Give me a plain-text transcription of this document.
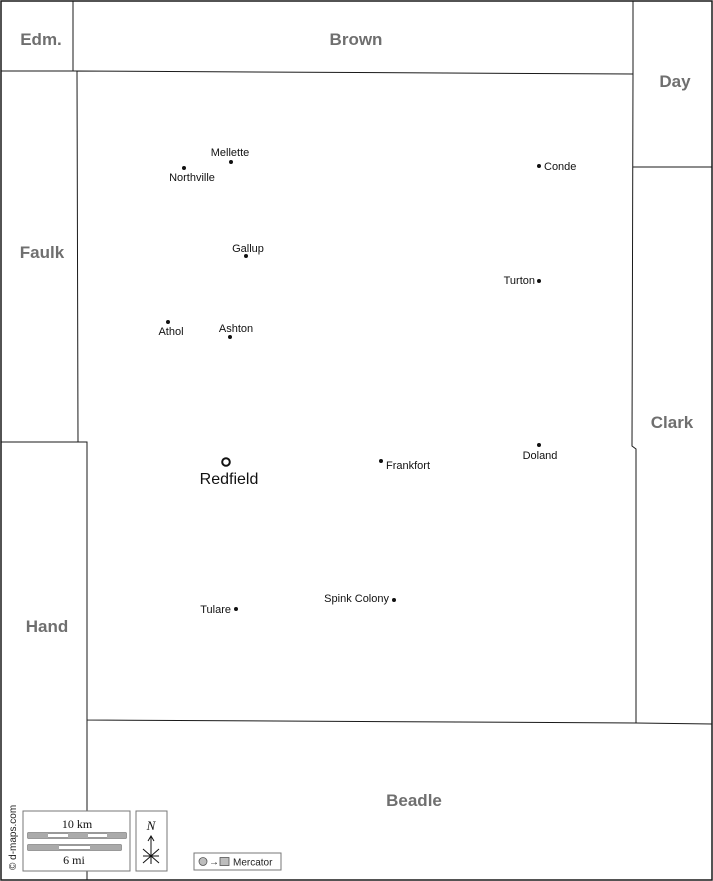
Edm.	Brown
Day
Faulk
Clark
Hand
Beadle
Mellette
Northville
Conde
Gallup
Turton
Athol	Ashton
Redfield
Frankfort
Doland
Tulare
Spink Colony
© d-maps.com	10 km
6 mi
N
→ Mercator
